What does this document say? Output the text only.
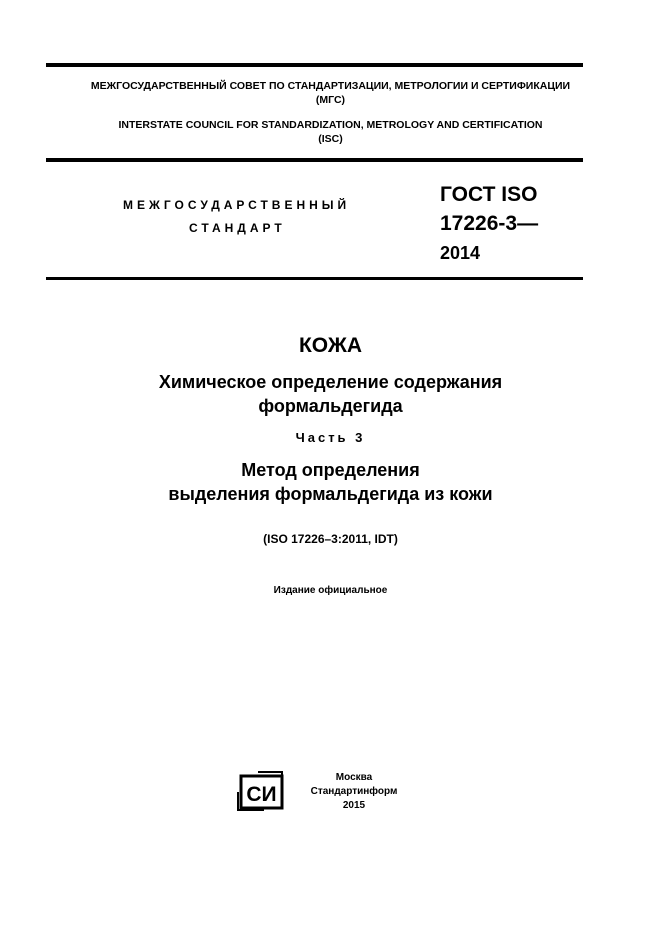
МЕЖГОСУДАРСТВЕННЫЙ СОВЕТ ПО СТАНДАРТИЗАЦИИ, МЕТРОЛОГИИ И СЕРТИФИКАЦИИ
(МГС)
INTERSTATE COUNCIL FOR STANDARDIZATION, METROLOGY AND CERTIFICATION
(ISC)
МЕЖГОСУДАРСТВЕННЫЙ
СТАНДАРТ
ГОСТ ISO
17226-3—
2014
КОЖА
Химическое определение содержания
формальдегида
Часть 3
Метод определения
выделения формальдегида из кожи
(ISO 17226–3:2011, IDT)
Издание официальное
СИ
Москва
Стандартинформ
2015
